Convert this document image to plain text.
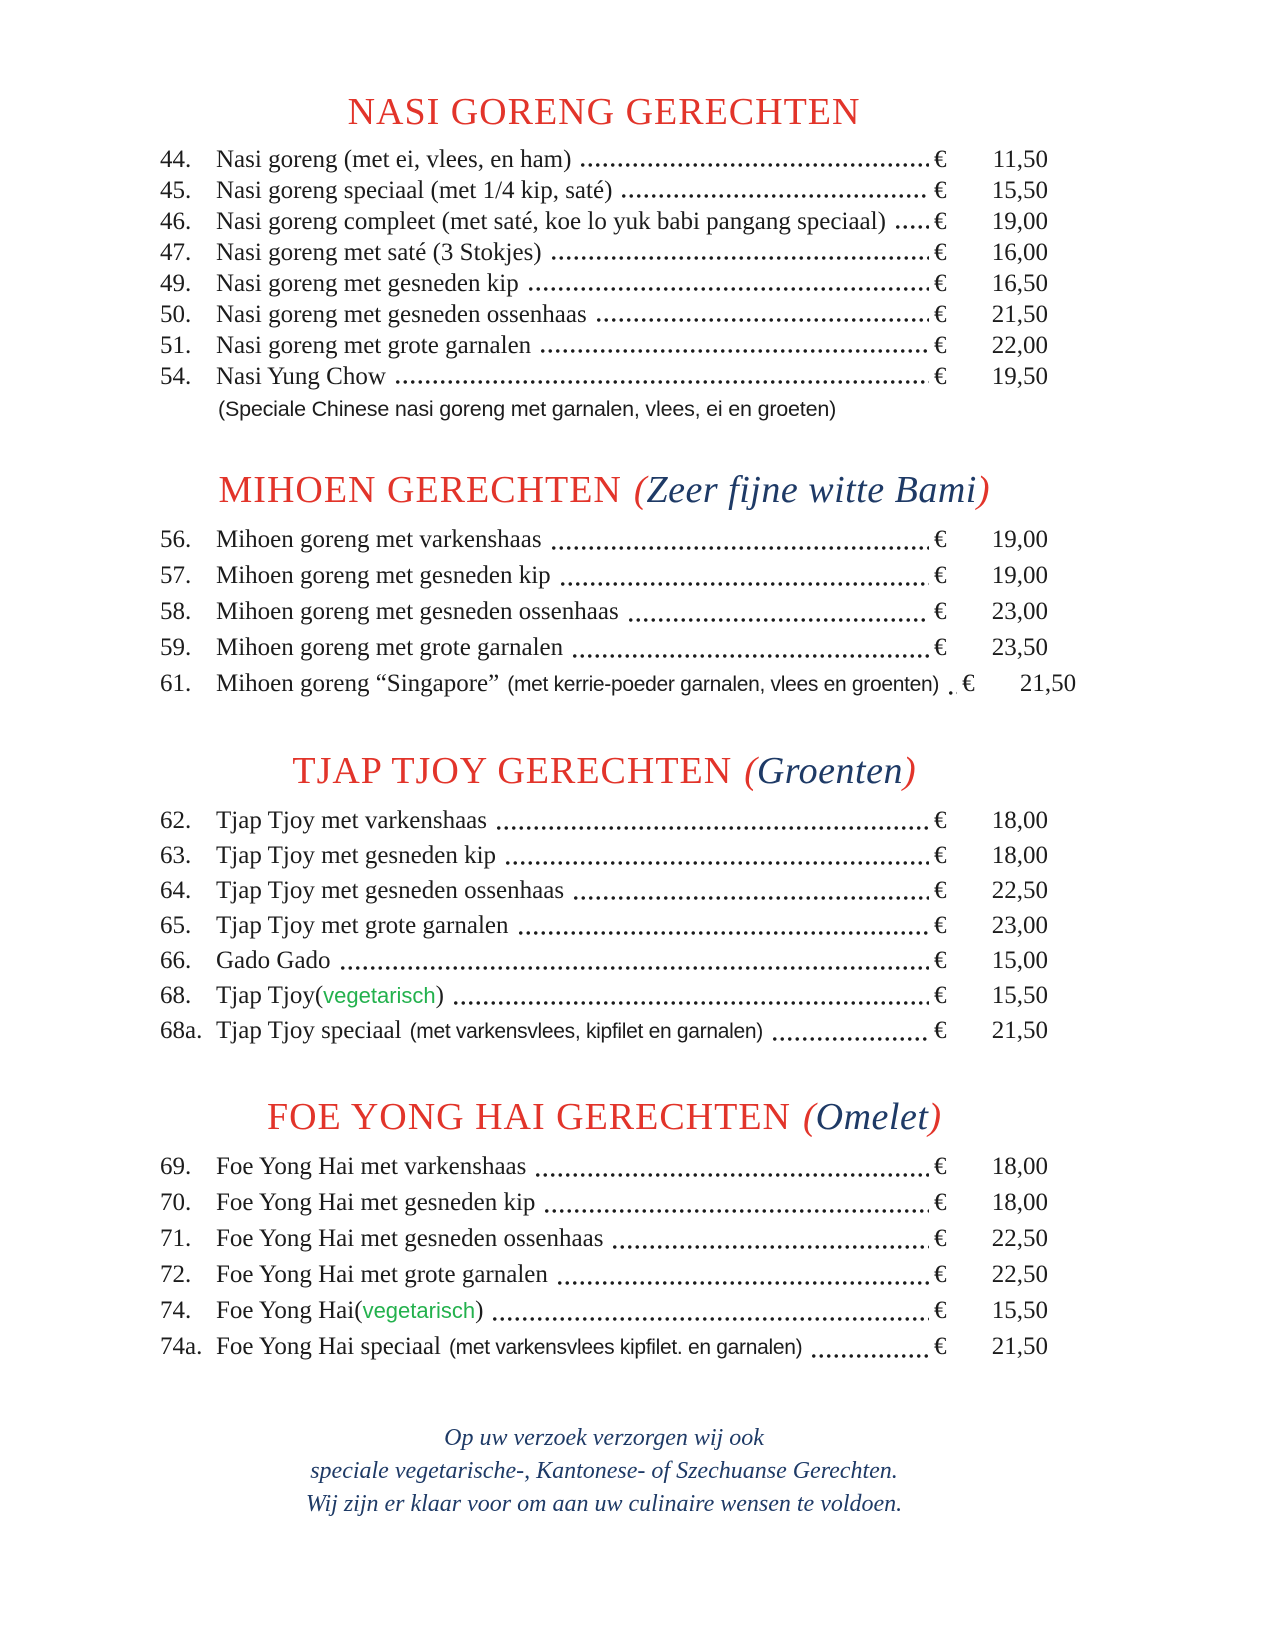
NASI GORENG GERECHTEN
44. Nasi goreng (met ei, vlees, en ham)	€ 11,50
45. Nasi goreng speciaal (met 1/4 kip, saté)	€ 15,50
46. Nasi goreng compleet (met saté, koe lo yuk babi pangang speciaal) € 19,00
47. Nasi goreng met saté (3 Stokjes)	€ 16,00
49. Nasi goreng met gesneden kip	€ 16,50
50. Nasi goreng met gesneden ossenhaas	€ 21,50
51. Nasi goreng met grote garnalen	€ 22,00
54. Nasi Yung Chow	€ 19,50
(Speciale Chinese nasi goreng met garnalen, vlees, ei en groeten)
MIHOEN GERECHTEN (Zeer fijne witte Bami)
56. Mihoen goreng met varkenshaas	€ 19,00
57. Mihoen goreng met gesneden kip	€ 19,00
58. Mihoen goreng met gesneden ossenhaas	€ 23,00
59. Mihoen goreng met grote garnalen	€ 23,50
61. Mihoen goreng “Singapore” (met kerrie-poeder garnalen, vlees en groenten) € 21,50
TJAP TJOY GERECHTEN (Groenten)
62. Tjap Tjoy met varkenshaas	€ 18,00
63. Tjap Tjoy met gesneden kip	€ 18,00
64. Tjap Tjoy met gesneden ossenhaas	€ 22,50
65. Tjap Tjoy met grote garnalen	€ 23,00
66. Gado Gado	€ 15,00
68. Tjap Tjoy ( vegetarisch )	€ 15,50
68a. Tjap Tjoy speciaal (met varkensvlees, kipfilet en garnalen)	€ 21,50
FOE YONG HAI GERECHTEN (Omelet)
69. Foe Yong Hai met varkenshaas	€ 18,00
70. Foe Yong Hai met gesneden kip	€ 18,00
71. Foe Yong Hai met gesneden ossenhaas	€ 22,50
72. Foe Yong Hai met grote garnalen	€ 22,50
74. Foe Yong Hai ( vegetarisch )	€ 15,50
74a. Foe Yong Hai speciaal (met varkensvlees kipfilet. en garnalen)	€ 21,50
Op uw verzoek verzorgen wij ook
speciale vegetarische-, Kantonese- of Szechuanse Gerechten.
Wij zijn er klaar voor om aan uw culinaire wensen te voldoen.
